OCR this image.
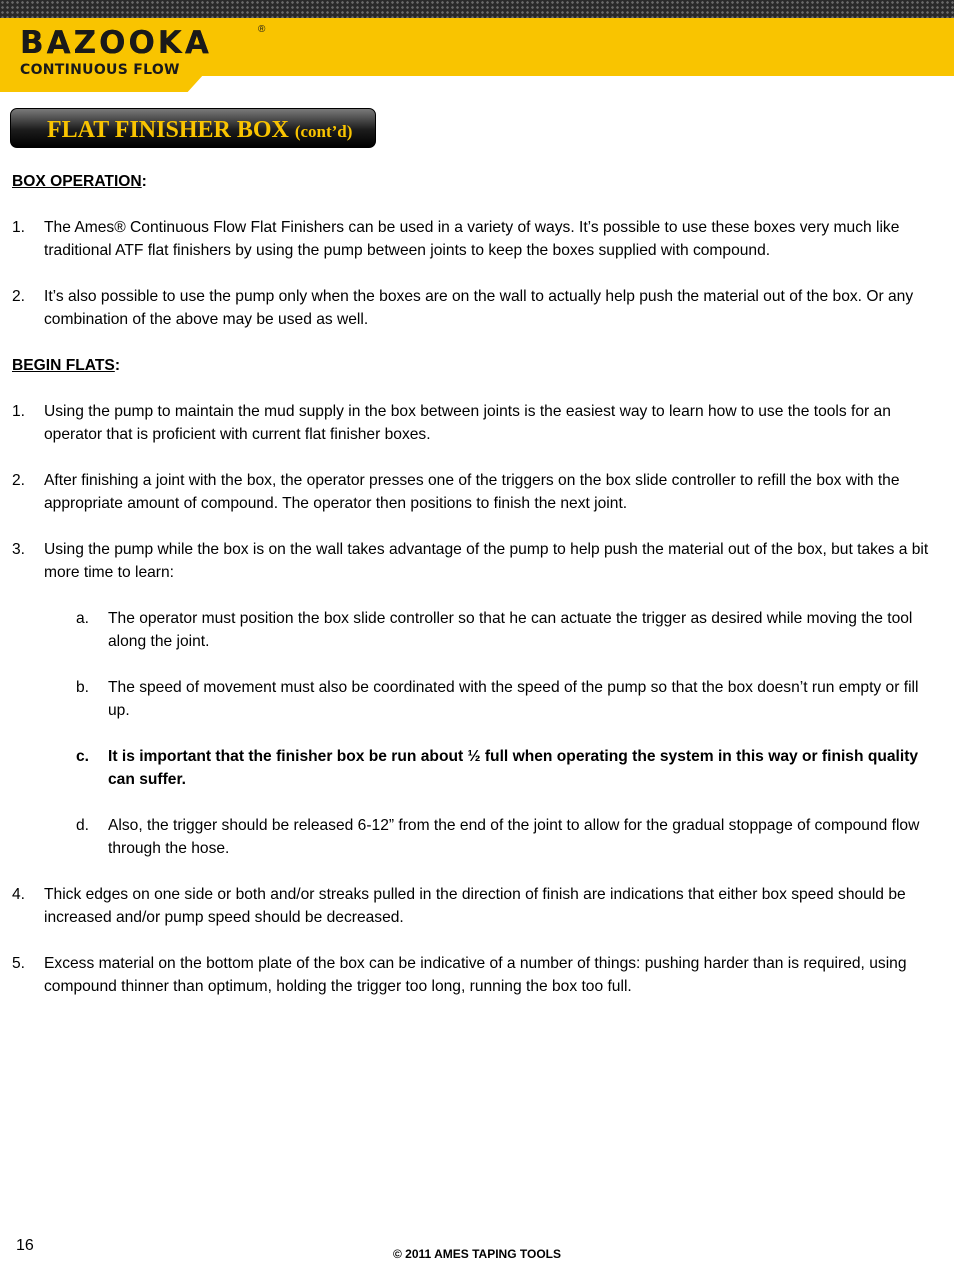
BAZOOKA	®
CONTINUOUS FLOW
FLAT FINISHER BOX (cont’d)

BOX OPERATION:

1. The Ames® Continuous Flow Flat Finishers can be used in a variety of ways. It’s possible to use these boxes very much like traditional ATF flat finishers by using the pump between joints to keep the boxes supplied with compound.
2. It’s also possible to use the pump only when the boxes are on the wall to actually help push the material out of the box. Or any combination of the above may be used as well.

BEGIN FLATS:

1. Using the pump to maintain the mud supply in the box between joints is the easiest way to learn how to use the tools for an operator that is proficient with current flat finisher boxes.
2. After finishing a joint with the box, the operator presses one of the triggers on the box slide controller to refill the box with the appropriate amount of compound. The operator then positions to finish the next joint.
3. Using the pump while the box is on the wall takes advantage of the pump to help push the material out of the box, but takes a bit more time to learn:
a. The operator must position the box slide controller so that he can actuate the trigger as desired while moving the tool along the joint.
b. The speed of movement must also be coordinated with the speed of the pump so that the box doesn’t run empty or fill up.
c. It is important that the finisher box be run about ½ full when operating the system in this way or finish quality can suffer.
d. Also, the trigger should be released 6-12” from the end of the joint to allow for the gradual stoppage of compound flow through the hose.
4. Thick edges on one side or both and/or streaks pulled in the direction of finish are indications that either box speed should be increased and/or pump speed should be decreased.
5. Excess material on the bottom plate of the box can be indicative of a number of things: pushing harder than is required, using compound thinner than optimum, holding the trigger too long, running the box too full.
16	© 2011 AMES TAPING TOOLS
